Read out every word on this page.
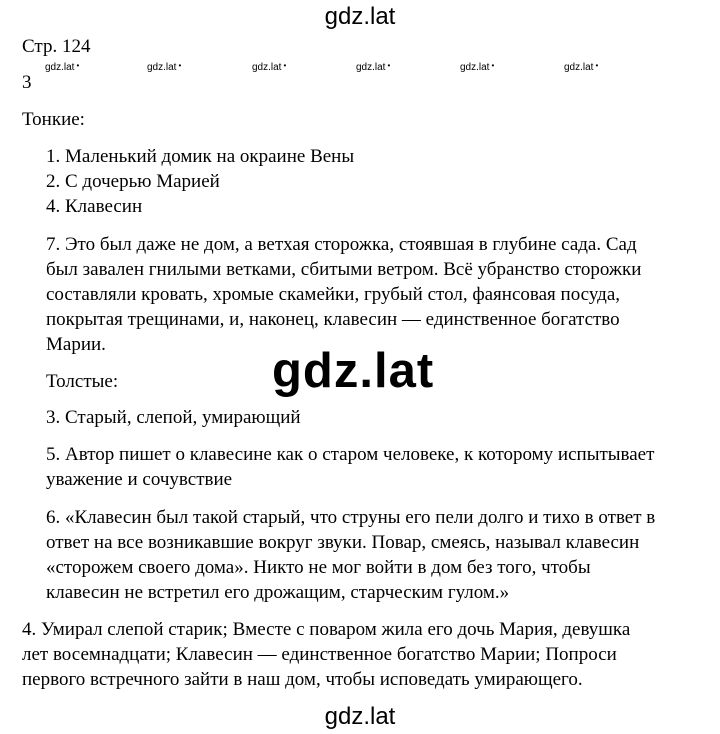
gdz.lat
Стр. 124
gdz.lat •	gdz.lat •	gdz.lat •	gdz.lat •	gdz.lat •	gdz.lat •
3
Тонкие:
1. Маленький домик на окраине Вены
2. С дочерью Марией
4. Клавесин
7. Это был даже не дом, а ветхая сторожка, стоявшая в глубине сада. Сад
был завален гнилыми ветками, сбитыми ветром. Всё убранство сторожки
составляли кровать, хромые скамейки, грубый стол, фаянсовая посуда,
покрытая трещинами, и, наконец, клавесин — единственное богатство
Марии.	gdz.lat
Толстые:
3. Старый, слепой, умирающий
5. Автор пишет о клавесине как о старом человеке, к которому испытывает
уважение и сочувствие
6. «Клавесин был такой старый, что струны его пели долго и тихо в ответ в
ответ на все возникавшие вокруг звуки. Повар, смеясь, называл клавесин
«сторожем своего дома». Никто не мог войти в дом без того, чтобы
клавесин не встретил его дрожащим, старческим гулом.»
4. Умирал слепой старик; Вместе с поваром жила его дочь Мария, девушка
лет восемнадцати; Клавесин — единственное богатство Марии; Попроси
первого встречного зайти в наш дом, чтобы исповедать умирающего.
gdz.lat
